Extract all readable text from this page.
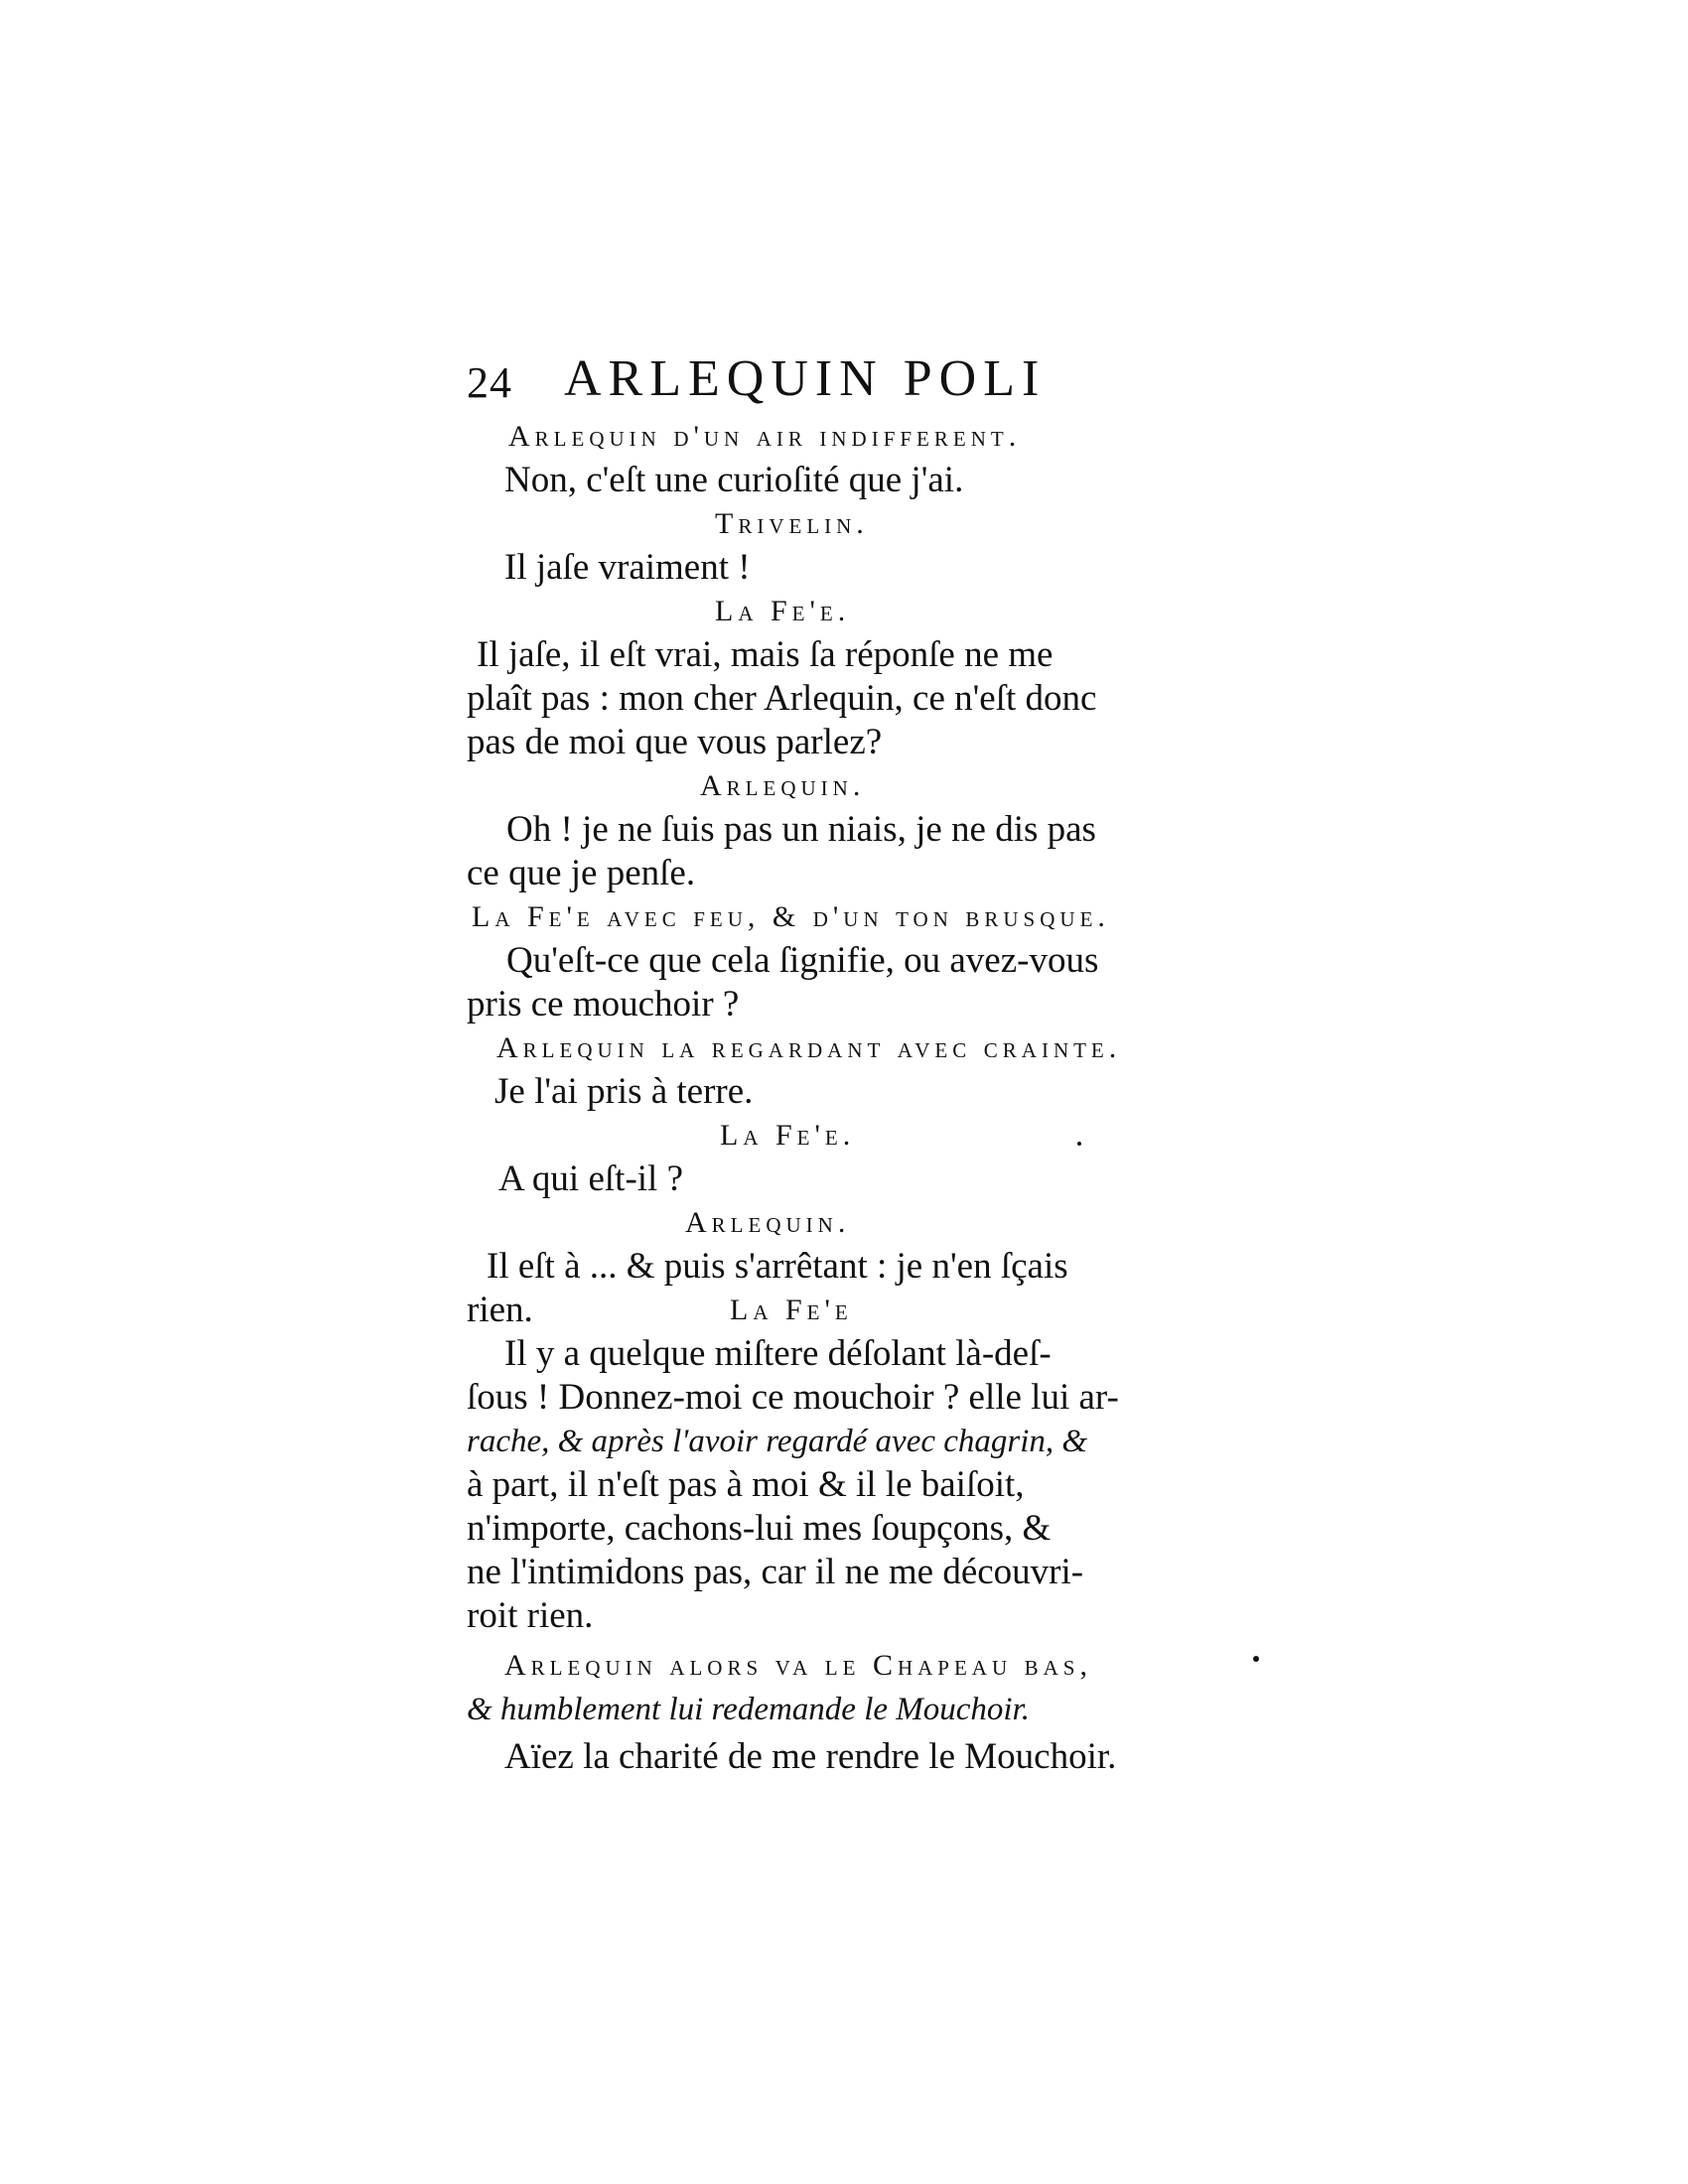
24 ARLEQUIN POLI
Arlequin d'un air indifferent.
Non, c'eſt une curioſité que j'ai.
Trivelin.
Il jaſe vraiment !
La Fe'e.
Il jaſe, il eſt vrai, mais ſa réponſe ne me
plaît pas : mon cher Arlequin, ce n'eſt donc
pas de moi que vous parlez?
Arlequin.
Oh ! je ne ſuis pas un niais, je ne dis pas
ce que je penſe.
La Fe'e avec feu, & d'un ton bruſque.
Qu'eſt-ce que cela ſignifie, ou avez-vous
pris ce mouchoir ?
Arlequin la regardant avec crainte.
Je l'ai pris à terre.
La Fe'e.
A qui eſt-il ?
Arlequin.
Il eſt à ... & puis s'arrêtant : je n'en ſçais
rien.	La Fe'e
Il y a quelque miſtere déſolant là-deſ-
ſous ! Donnez-moi ce mouchoir ? elle lui ar-
rache, & après l'avoir regardé avec chagrin, &
à part, il n'eſt pas à moi & il le baiſoit,
n'importe, cachons-lui mes ſoupçons, &
ne l'intimidons pas, car il ne me découvri-
roit rien.
Arlequin alors va le Chapeau bas,
& humblement lui redemande le Mouchoir.
Aïez la charité de me rendre le Mouchoir.
